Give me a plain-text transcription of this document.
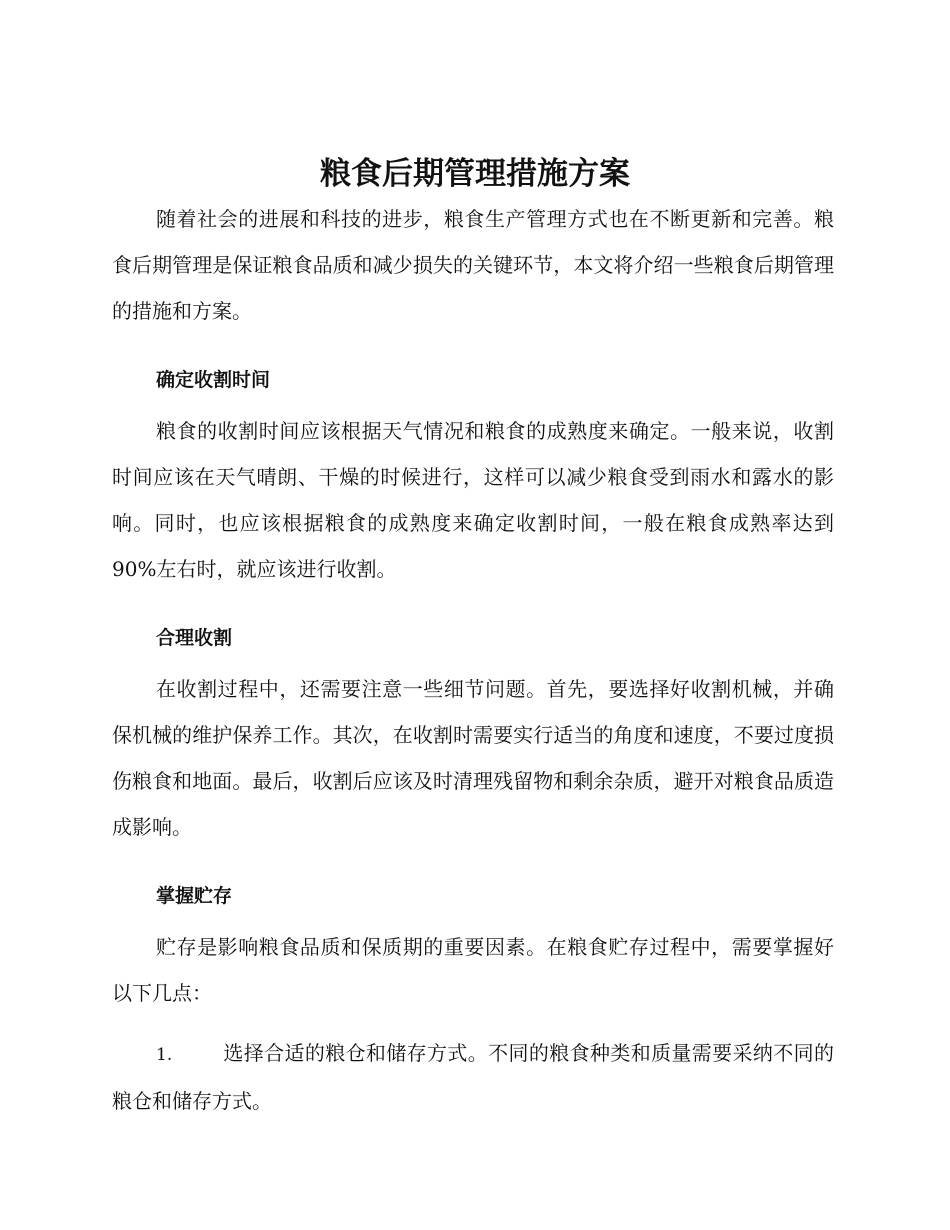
粮食后期管理措施方案

随着社会的进展和科技的进步，粮食生产管理方式也在不断更新和完善。粮食后期管理是保证粮食品质和减少损失的关键环节，本文将介绍一些粮食后期管理的措施和方案。

确定收割时间

粮食的收割时间应该根据天气情况和粮食的成熟度来确定。一般来说，收割时间应该在天气晴朗、干燥的时候进行，这样可以减少粮食受到雨水和露水的影响。同时，也应该根据粮食的成熟度来确定收割时间，一般在粮食成熟率达到90%左右时，就应该进行收割。

合理收割

在收割过程中，还需要注意一些细节问题。首先，要选择好收割机械，并确保机械的维护保养工作。其次，在收割时需要实行适当的角度和速度，不要过度损伤粮食和地面。最后，收割后应该及时清理残留物和剩余杂质，避开对粮食品质造成影响。

掌握贮存

贮存是影响粮食品质和保质期的重要因素。在粮食贮存过程中，需要掌握好以下几点：

1.	选择合适的粮仓和储存方式。不同的粮食种类和质量需要采纳不同的粮仓和储存方式。
